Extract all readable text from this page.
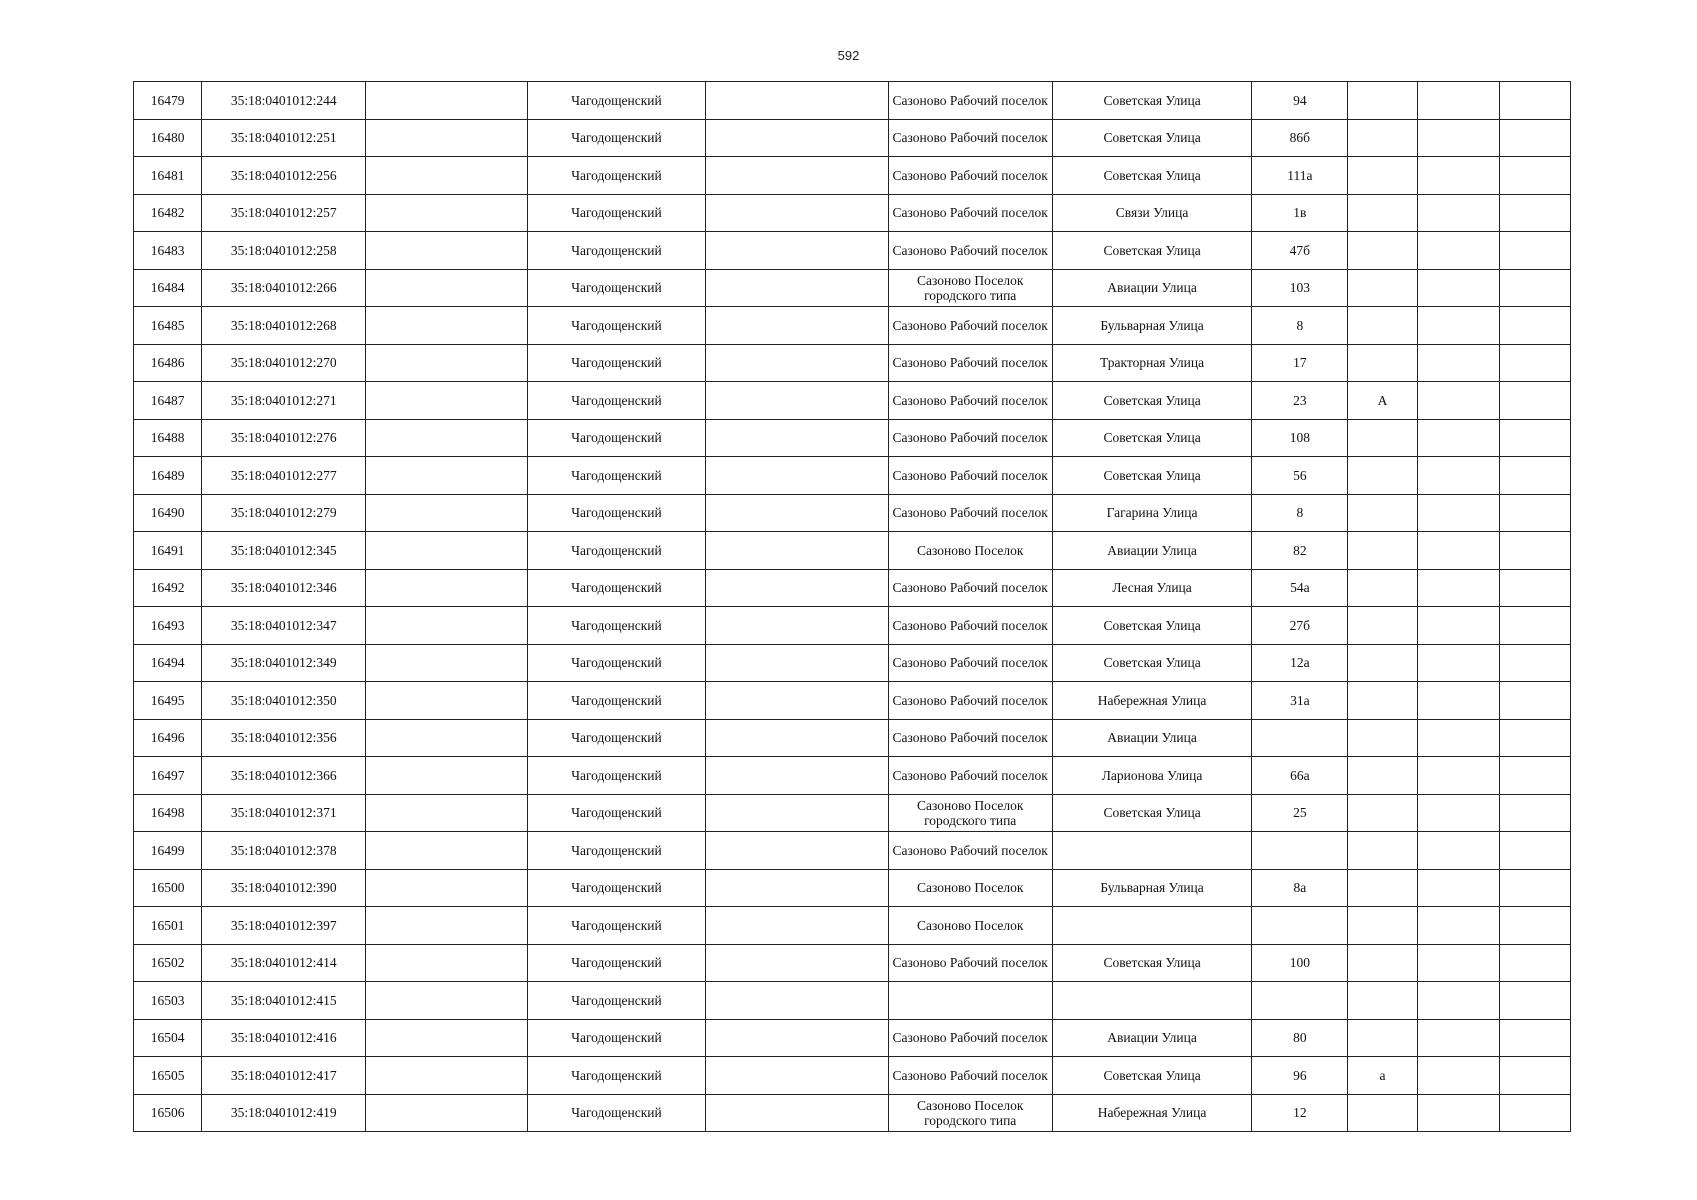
592
16479	35:18:0401012:244		Чагодощенский		Сазоново Рабочий поселок	Советская Улица	94			
16480	35:18:0401012:251		Чагодощенский		Сазоново Рабочий поселок	Советская Улица	86б			
16481	35:18:0401012:256		Чагодощенский		Сазоново Рабочий поселок	Советская Улица	111а			
16482	35:18:0401012:257		Чагодощенский		Сазоново Рабочий поселок	Связи Улица	1в			
16483	35:18:0401012:258		Чагодощенский		Сазоново Рабочий поселок	Советская Улица	47б			
16484	35:18:0401012:266		Чагодощенский		Сазоново Поселок городского типа	Авиации Улица	103			
16485	35:18:0401012:268		Чагодощенский		Сазоново Рабочий поселок	Бульварная Улица	8			
16486	35:18:0401012:270		Чагодощенский		Сазоново Рабочий поселок	Тракторная Улица	17			
16487	35:18:0401012:271		Чагодощенский		Сазоново Рабочий поселок	Советская Улица	23	А		
16488	35:18:0401012:276		Чагодощенский		Сазоново Рабочий поселок	Советская Улица	108			
16489	35:18:0401012:277		Чагодощенский		Сазоново Рабочий поселок	Советская Улица	56			
16490	35:18:0401012:279		Чагодощенский		Сазоново Рабочий поселок	Гагарина Улица	8			
16491	35:18:0401012:345		Чагодощенский		Сазоново Поселок	Авиации Улица	82			
16492	35:18:0401012:346		Чагодощенский		Сазоново Рабочий поселок	Лесная Улица	54а			
16493	35:18:0401012:347		Чагодощенский		Сазоново Рабочий поселок	Советская Улица	27б			
16494	35:18:0401012:349		Чагодощенский		Сазоново Рабочий поселок	Советская Улица	12а			
16495	35:18:0401012:350		Чагодощенский		Сазоново Рабочий поселок	Набережная Улица	31а			
16496	35:18:0401012:356		Чагодощенский		Сазоново Рабочий поселок	Авиации Улица				
16497	35:18:0401012:366		Чагодощенский		Сазоново Рабочий поселок	Ларионова Улица	66а			
16498	35:18:0401012:371		Чагодощенский		Сазоново Поселок городского типа	Советская Улица	25			
16499	35:18:0401012:378		Чагодощенский		Сазоново Рабочий поселок					
16500	35:18:0401012:390		Чагодощенский		Сазоново Поселок	Бульварная Улица	8а			
16501	35:18:0401012:397		Чагодощенский		Сазоново Поселок					
16502	35:18:0401012:414		Чагодощенский		Сазоново Рабочий поселок	Советская Улица	100			
16503	35:18:0401012:415		Чагодощенский							
16504	35:18:0401012:416		Чагодощенский		Сазоново Рабочий поселок	Авиации Улица	80			
16505	35:18:0401012:417		Чагодощенский		Сазоново Рабочий поселок	Советская Улица	96	а		
16506	35:18:0401012:419		Чагодощенский		Сазоново Поселок городского типа	Набережная Улица	12			
